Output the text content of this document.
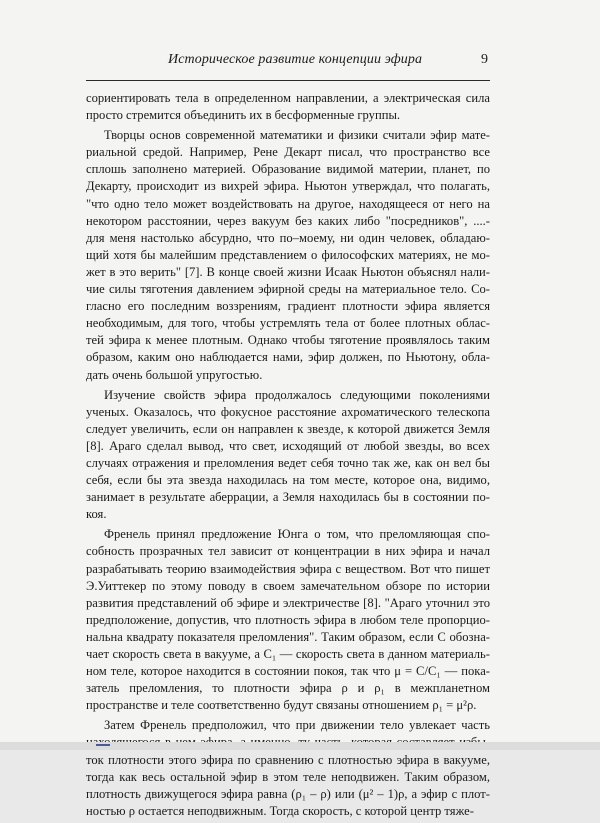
Историческое развитие концепции эфира	9
сориентировать тела в определенном направлении, а электрическая сила
просто стремится объединить их в бесформенные группы.
Творцы основ современной математики и физики считали эфир мате-
риальной средой. Например, Рене Декарт писал, что пространство все
сплошь заполнено материей. Образование видимой материи, планет, по
Декарту, происходит из вихрей эфира. Ньютон утверждал, что полагать,
"что одно тело может воздействовать на другое, находящееся от него на
некотором расстоянии, через вакуум без каких либо "посредников", ....-
для меня настолько абсурдно, что по–моему, ни один человек, обладаю-
щий хотя бы малейшим представлением о философских материях, не мо-
жет в это верить" [7]. В конце своей жизни Исаак Ньютон объяснял нали-
чие силы тяготения давлением эфирной среды на материальное тело. Со-
гласно его последним воззрениям, градиент плотности эфира является
необходимым, для того, чтобы устремлять тела от более плотных облас-
тей эфира к менее плотным. Однако чтобы тяготение проявлялось таким
образом, каким оно наблюдается нами, эфир должен, по Ньютону, обла-
дать очень большой упругостью.
Изучение свойств эфира продолжалось следующими поколениями
ученых. Оказалось, что фокусное расстояние ахроматического телескопа
следует увеличить, если он направлен к звезде, к которой движется Земля
[8]. Араго сделал вывод, что свет, исходящий от любой звезды, во всех
случаях отражения и преломления ведет себя точно так же, как он вел бы
себя, если бы эта звезда находилась на том месте, которое она, видимо,
занимает в результате аберрации, а Земля находилась бы в состоянии по-
коя.
Френель принял предложение Юнга о том, что преломляющая спо-
собность прозрачных тел зависит от концентрации в них эфира и начал
разрабатывать теорию взаимодействия эфира с веществом. Вот что пишет
Э.Уиттекер по этому поводу в своем замечательном обзоре по истории
развития представлений об эфире и электричестве [8]. "Араго уточнил это
предположение, допустив, что плотность эфира в любом теле пропорцио-
нальна квадрату показателя преломления". Таким образом, если C обозна-
чает скорость света в вакууме, а C₁ — скорость света в данном материаль-
ном теле, которое находится в состоянии покоя, так что μ = C/C₁ — пока-
затель преломления, то плотности эфира ρ и ρ₁ в межпланетном
пространстве и теле соответственно будут связаны отношением ρ₁ = μ²ρ.
Затем Френель предположил, что при движении тело увлекает часть
ток плотности этого эфира по сравнению с плотностью эфира в вакууме,
тогда как весь остальной эфир в этом теле неподвижен. Таким образом,
плотность движущегося эфира равна (ρ₁ – ρ) или (μ² – 1)ρ, а эфир с плот-
ностью ρ остается неподвижным. Тогда скорость, с которой центр тяже-
